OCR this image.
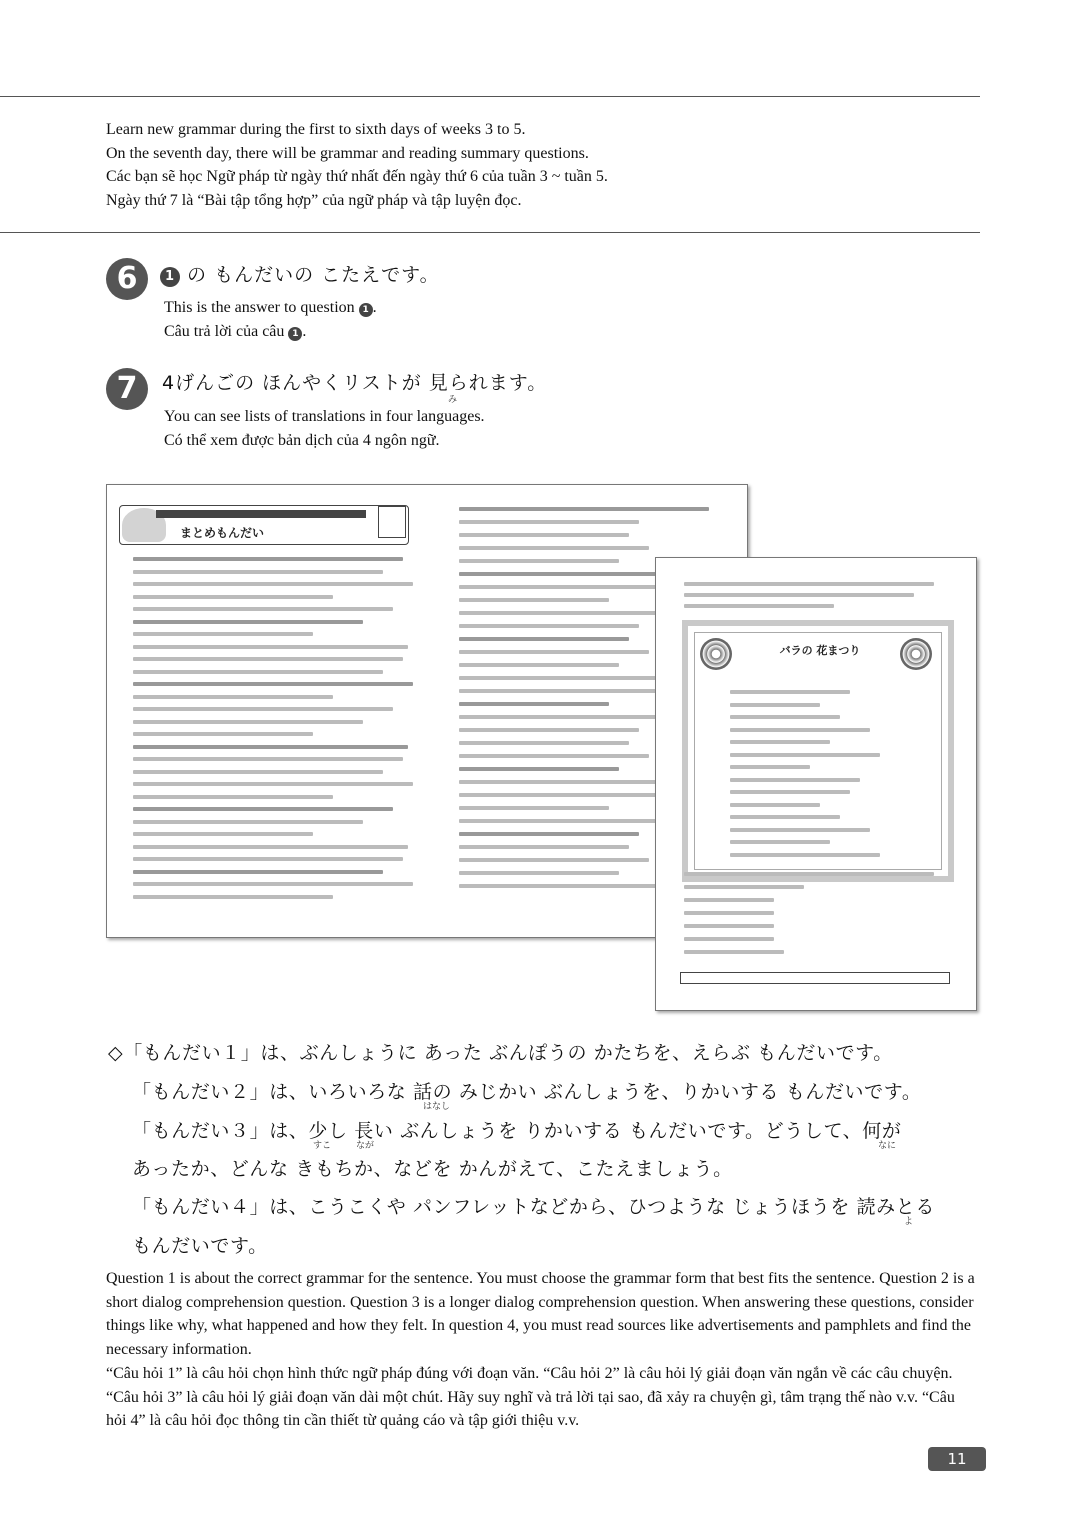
Learn new grammar during the first to sixth days of weeks 3 to 5.
On the seventh day, there will be grammar and reading summary questions.
Các bạn sẽ học Ngữ pháp từ ngày thứ nhất đến ngày thứ 6 của tuần 3 ~ tuần 5.
Ngày thứ 7 là “Bài tập tổng hợp” của ngữ pháp và tập luyện đọc.
6	1 の もんだいの こたえです。
This is the answer to question 1 .
Câu trả lời của câu 1 .
7	4げんごの ほんやくリストが 見られます。
み
You can see lists of translations in four languages.
Có thể xem được bản dịch của 4 ngôn ngữ.
まとめもんだい
バラの 花まつり
◇「もんだい１」は、ぶんしょうに あった ぶんぽうの かたちを、えらぶ もんだいです。
「もんだい２」は、いろいろな 話の みじかい ぶんしょうを、りかいする もんだいです。
はなし
「もんだい３」は、少し 長い ぶんしょうを りかいする もんだいです。どうして、何が
すこ	なが	なに
あったか、どんな きもちか、などを かんがえて、こたえましょう。
「もんだい４」は、こうこくや パンフレットなどから、ひつような じょうほうを 読みとる
よ
もんだいです。

Question 1 is about the correct grammar for the sentence. You must choose the grammar form that best fits the sentence. Question 2 is a short dialog comprehension question. Question 3 is a longer dialog comprehension question. When answering these questions, consider things like why, what happened and how they felt. In question 4, you must read sources like advertisements and pamphlets and find the necessary information.

“Câu hỏi 1” là câu hỏi chọn hình thức ngữ pháp đúng với đoạn văn. “Câu hỏi 2” là câu hỏi lý giải đoạn văn ngắn về các câu chuyện. “Câu hỏi 3” là câu hỏi lý giải đoạn văn dài một chút. Hãy suy nghĩ và trả lời tại sao, đã xảy ra chuyện gì, tâm trạng thế nào v.v. “Câu hỏi 4” là câu hỏi đọc thông tin cần thiết từ quảng cáo và tập giới thiệu v.v.

11
